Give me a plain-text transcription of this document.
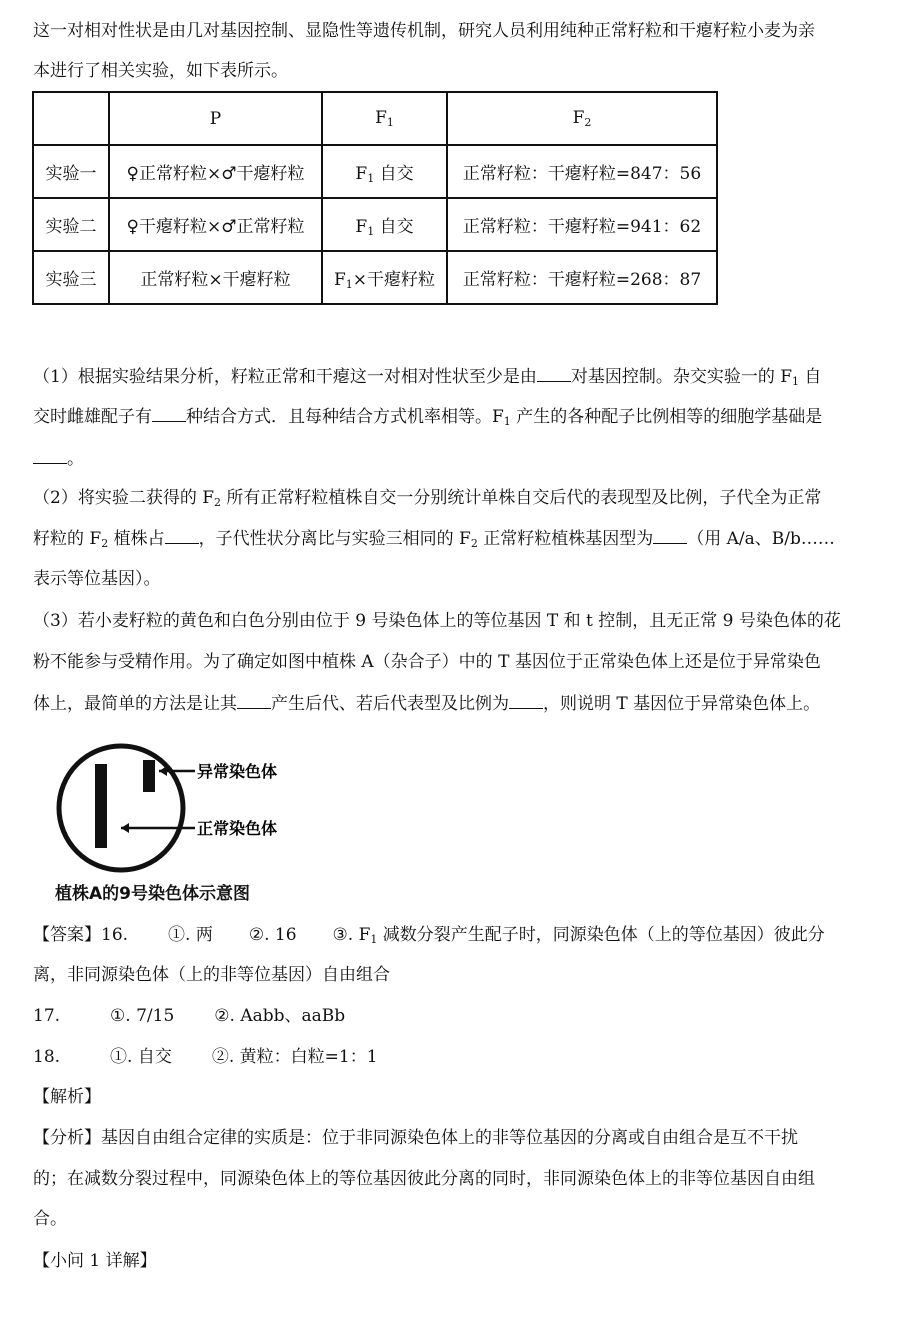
这一对相对性状是由几对基因控制、显隐性等遗传机制，研究人员利用纯种正常籽粒和干瘪籽粒小麦为亲
本进行了相关实验，如下表所示。
	P	$F_1$	$F_2$
实验一	♀正常籽粒×♂干瘪籽粒	$F_1$ 自交	正常籽粒：干瘪籽粒=847：56
实验二	♀干瘪籽粒×♂正常籽粒	$F_1$ 自交	正常籽粒：干瘪籽粒=941：62
实验三	正常籽粒×干瘪籽粒	$F_1\times$干瘪籽粒	正常籽粒：干瘪籽粒=268：87
（1）根据实验结果分析，籽粒正常和干瘪这一对相对性状至少是由 对基因控制。杂交实验一的 $F_1$ 自
交时雌雄配子有 种结合方式．且每种结合方式机率相等。$F_1$ 产生的各种配子比例相等的细胞学基础是
。
（2）将实验二获得的 $F_2$ 所有正常籽粒植株自交一分别统计单株自交后代的表现型及比例，子代全为正常
籽粒的 $F_2$ 植株占 ，子代性状分离比与实验三相同的 $F_2$ 正常籽粒植株基因型为 （用 A/a、B/b……
表示等位基因）。
（3）若小麦籽粒的黄色和白色分别由位于 9 号染色体上的等位基因 T 和 t 控制，且无正常 9 号染色体的花
粉不能参与受精作用。为了确定如图中植株 A（杂合子）中的 T 基因位于正常染色体上还是位于异常染色
体上，最简单的方法是让其 产生后代、若后代表型及比例为 ，则说明 T 基因位于异常染色体上。
异常染色体
正常染色体
植株A的9号染色体示意图
【答案】16. ①. 两 ②. 16 ③. $F_1$ 减数分裂产生配子时，同源染色体（上的等位基因）彼此分
离，非同源染色体（上的非等位基因）自由组合
17.	①. 7/15 ②. Aabb、aaBb
18.	①. 自交 ②. 黄粒：白粒=1：1
【解析】
【分析】基因自由组合定律的实质是：位于非同源染色体上的非等位基因的分离或自由组合是互不干扰
的；在减数分裂过程中，同源染色体上的等位基因彼此分离的同时，非同源染色体上的非等位基因自由组
合。
【小问 1 详解】
